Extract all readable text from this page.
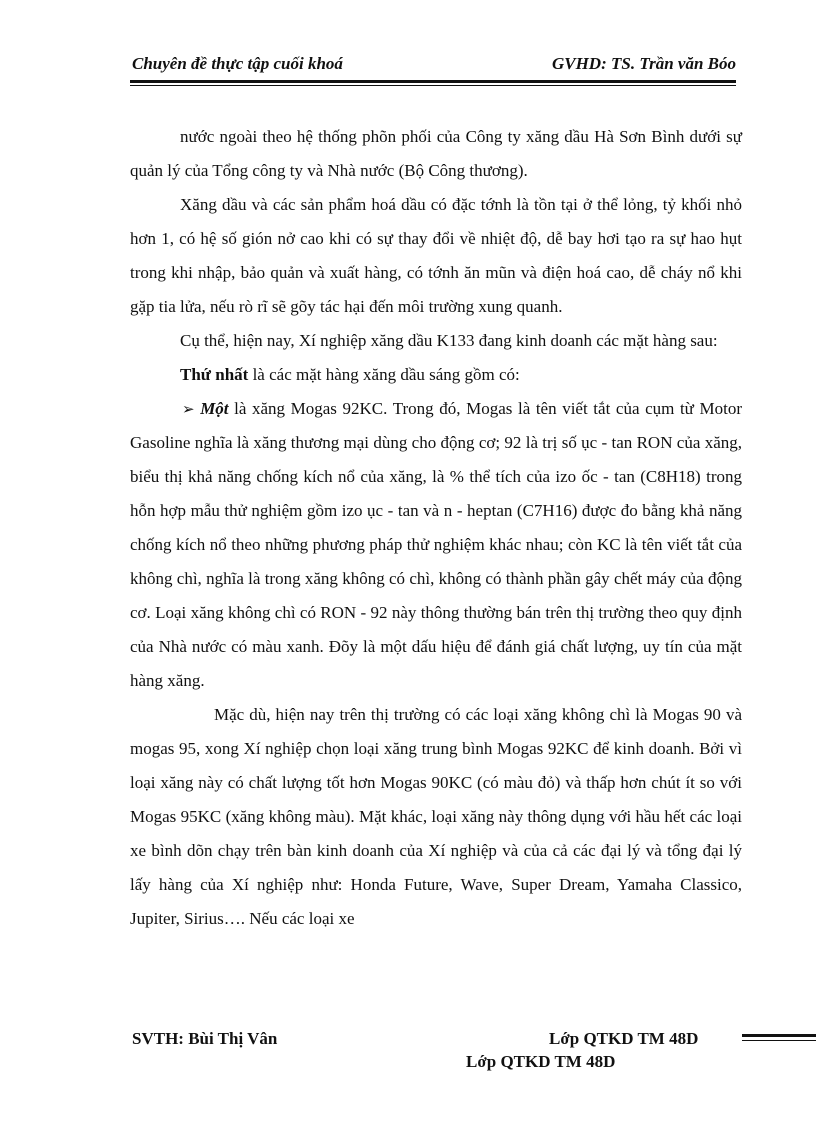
Chuyên đề thực tập cuối khoá	GVHD: TS. Trần văn Bóo

nước ngoài theo hệ thống phõn phối của Công ty xăng dầu Hà Sơn Bình dưới sự quản lý của Tổng công ty và Nhà nước (Bộ Công thương).

Xăng dầu và các sản phẩm hoá dầu có đặc tớnh là tồn tại ở thể lỏng, tỷ khối nhỏ hơn 1, có hệ số gión nở cao khi có sự thay đổi về nhiệt độ, dễ bay hơi tạo ra sự hao hụt trong khi nhập, bảo quản và xuất hàng, có tớnh ăn mũn và điện hoá cao, dễ cháy nổ khi gặp tia lửa, nếu rò rĩ sẽ gõy tác hại đến môi trường xung quanh.

Cụ thể, hiện nay, Xí nghiệp xăng dầu K133 đang kinh doanh các mặt hàng sau:

Thứ nhất là các mặt hàng xăng dầu sáng gồm có:

➢ Một là xăng Mogas 92KC. Trong đó, Mogas là tên viết tắt của cụm từ Motor Gasoline nghĩa là xăng thương mại dùng cho động cơ; 92 là trị số ục - tan RON của xăng, biểu thị khả năng chống kích nổ của xăng, là % thể tích của izo ốc - tan (C8H18) trong hỗn hợp mẫu thử nghiệm gồm izo ục - tan và n - heptan (C7H16) được đo bằng khả năng chống kích nổ theo những phương pháp thử nghiệm khác nhau; còn KC là tên viết tắt của không chì, nghĩa là trong xăng không có chì, không có thành phần gây chết máy của động cơ. Loại xăng không chì có RON - 92 này thông thường bán trên thị trường theo quy định của Nhà nước có màu xanh. Đõy là một dấu hiệu để đánh giá chất lượng, uy tín của mặt hàng xăng.

Mặc dù, hiện nay trên thị trường có các loại xăng không chì là Mogas 90 và mogas 95, xong Xí nghiệp chọn loại xăng trung bình Mogas 92KC để kinh doanh. Bởi vì loại xăng này có chất lượng tốt hơn Mogas 90KC (có màu đỏ) và thấp hơn chút ít so với Mogas 95KC (xăng không màu). Mặt khác, loại xăng này thông dụng với hầu hết các loại xe bình dõn chạy trên bàn kinh doanh của Xí nghiệp và của cả các đại lý và tổng đại lý lấy hàng của Xí nghiệp như: Honda Future, Wave, Super Dream, Yamaha Classico, Jupiter, Sirius…. Nếu các loại xe

SVTH: Bùi Thị Vân	Lớp QTKD TM 48D
Lớp QTKD TM 48D
